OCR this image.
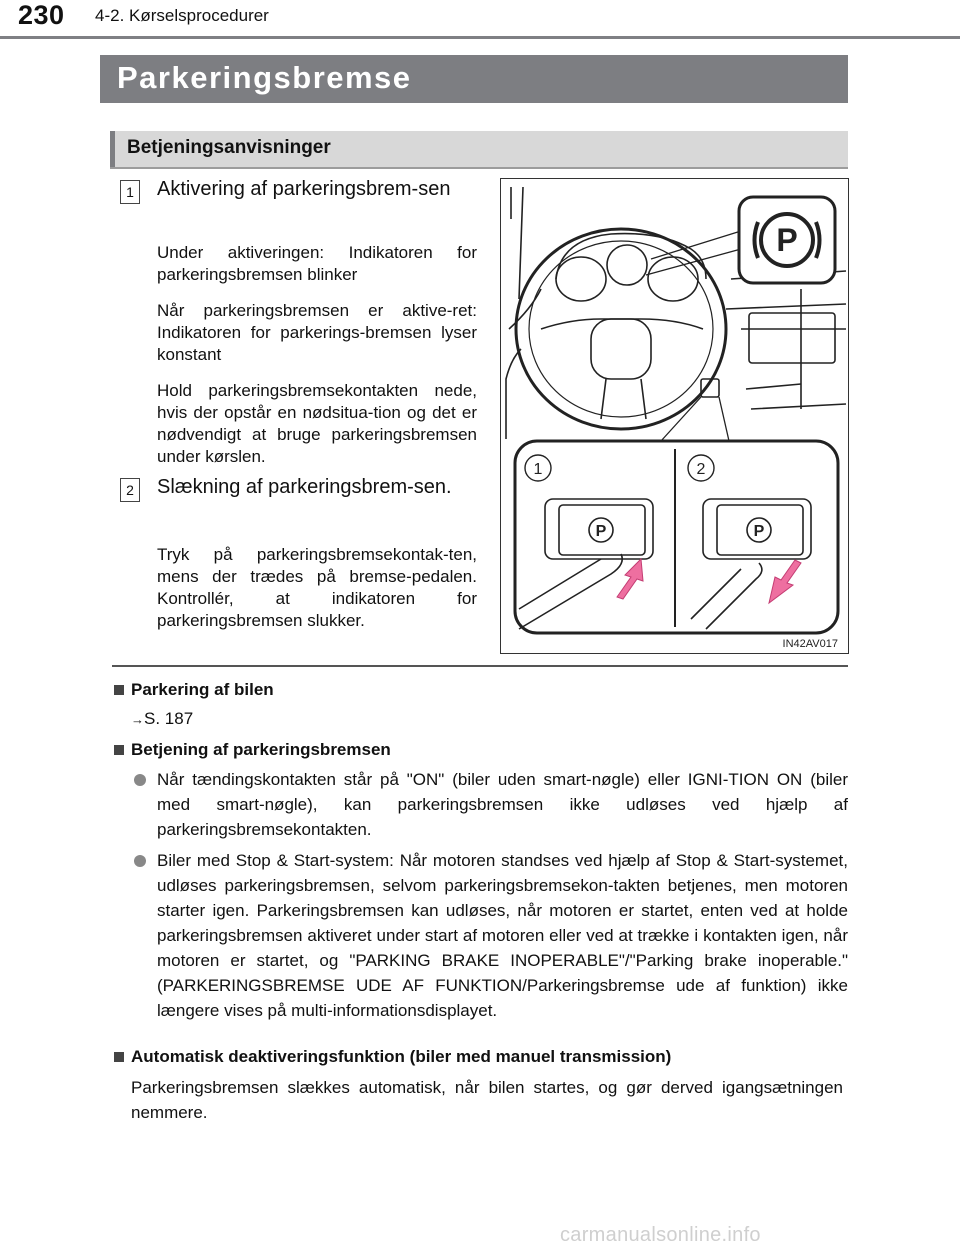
230 4-2. Kørselsprocedurer
Parkeringsbremse
Betjeningsanvisninger
1	Aktivering af parkeringsbrem-sen
Under aktiveringen: Indikatoren for parkeringsbremsen blinker
Når parkeringsbremsen er aktive-ret: Indikatoren for parkerings-bremsen lyser konstant
Hold parkeringsbremsekontakten nede, hvis der opstår en nødsitua-tion og det er nødvendigt at bruge parkeringsbremsen under kørslen.
2	Slækning af parkeringsbrem-sen.
Tryk på parkeringsbremsekontak-ten, mens der trædes på bremse-pedalen. Kontrollér, at indikatoren for parkeringsbremsen slukker.
P
P	P
1	2
IN42AV017
Parkering af bilen
→S. 187
Betjening af parkeringsbremsen
Når tændingskontakten står på "ON" (biler uden smart-nøgle) eller IGNI-TION ON (biler med smart-nøgle), kan parkeringsbremsen ikke udløses ved hjælp af parkeringsbremsekontakten.
Biler med Stop & Start-system: Når motoren standses ved hjælp af Stop & Start-systemet, udløses parkeringsbremsen, selvom parkeringsbremsekon-takten betjenes, men motoren starter igen. Parkeringsbremsen kan udløses, når motoren er startet, enten ved at holde parkeringsbremsen aktiveret under start af motoren eller ved at trække i kontakten igen, når motoren er startet, og "PARKING BRAKE INOPERABLE"/"Parking brake inoperable." (PARKERINGSBREMSE UDE AF FUNKTION/Parkeringsbremse ude af funktion) ikke længere vises på multi-informationsdisplayet.
Automatisk deaktiveringsfunktion (biler med manuel transmission)
Parkeringsbremsen slækkes automatisk, når bilen startes, og gør derved igangsætningen nemmere.
carmanualsonline.info
